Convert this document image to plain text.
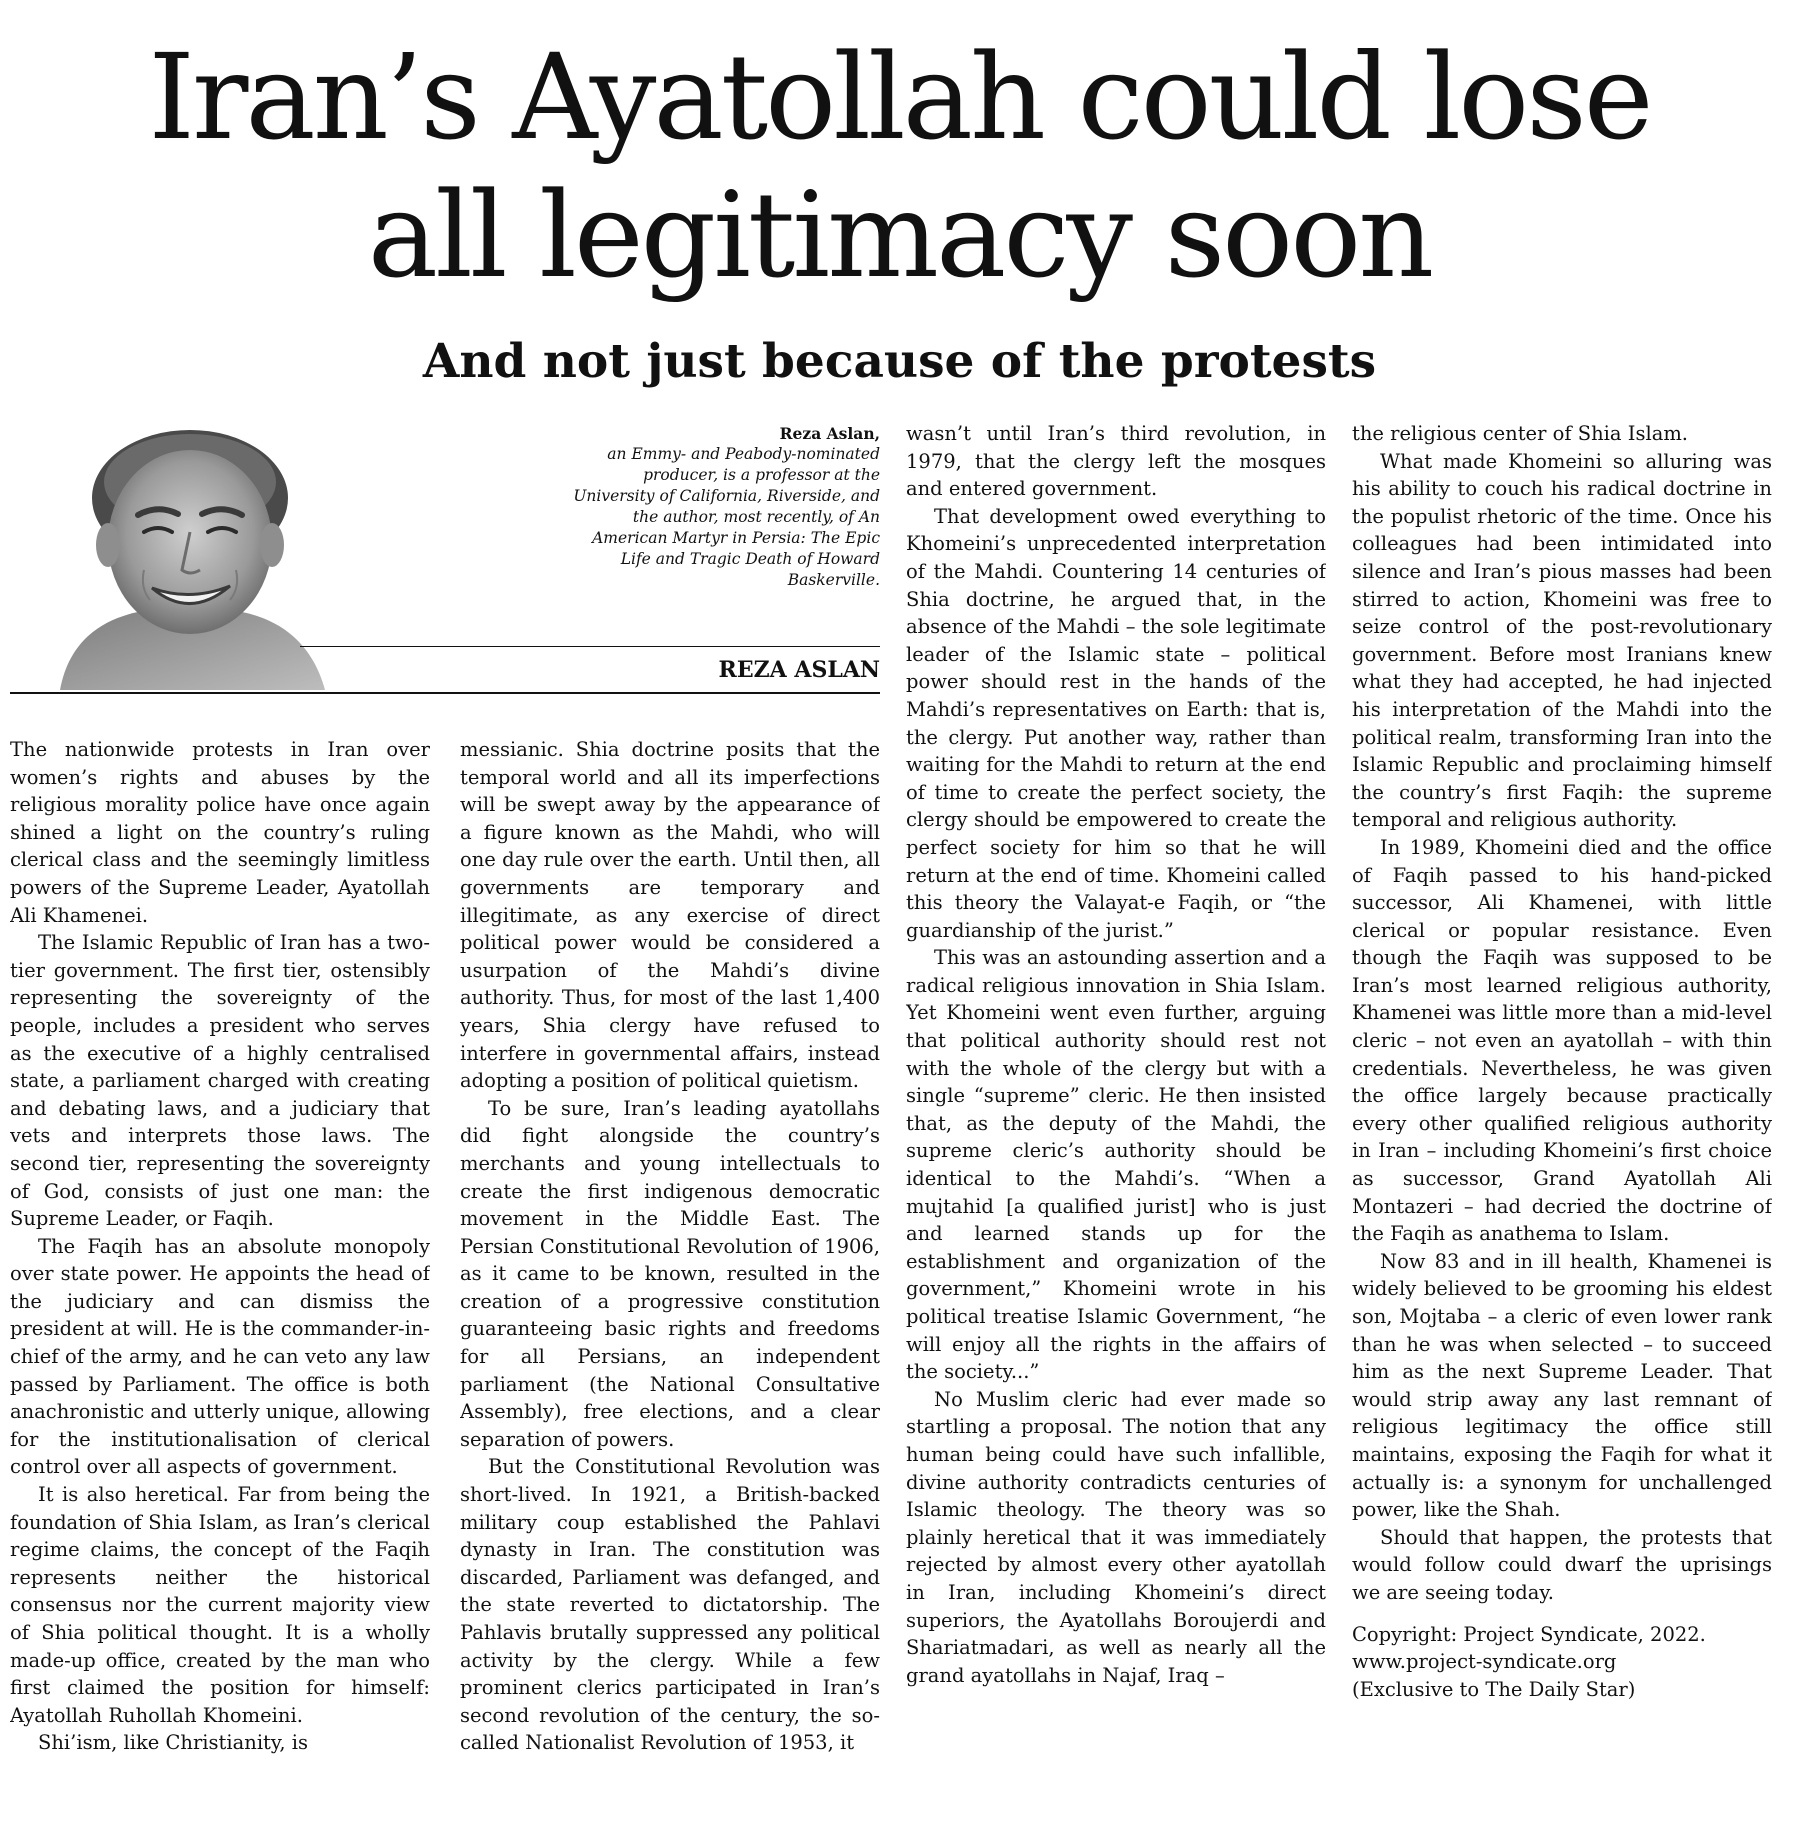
Iran’s Ayatollah could lose
all legitimacy soon
And not just because of the protests
Reza Aslan,
an Emmy- and Peabody-nominated producer, is a professor at the University of California, Riverside, and the author, most recently, of An American Martyr in Persia: The Epic Life and Tragic Death of Howard Baskerville.
REZA ASLAN

The nationwide protests in Iran over women’s rights and abuses by the religious morality police have once again shined a light on the country’s ruling clerical class and the seemingly limitless powers of the Supreme Leader, Ayatollah Ali Khamenei.

The Islamic Republic of Iran has a two-tier government. The first tier, ostensibly representing the sovereignty of the people, includes a president who serves as the executive of a highly centralised state, a parliament charged with creating and debating laws, and a judiciary that vets and interprets those laws. The second tier, representing the sovereignty of God, consists of just one man: the Supreme Leader, or Faqih.

The Faqih has an absolute monopoly over state power. He appoints the head of the judiciary and can dismiss the president at will. He is the commander-in-chief of the army, and he can veto any law passed by Parliament. The office is both anachronistic and utterly unique, allowing for the institutionalisation of clerical control over all aspects of government.

It is also heretical. Far from being the foundation of Shia Islam, as Iran’s clerical regime claims, the concept of the Faqih represents neither the historical consensus nor the current majority view of Shia political thought. It is a wholly made-up office, created by the man who first claimed the position for himself: Ayatollah Ruhollah Khomeini.

Shi’ism, like Christianity, is

messianic. Shia doctrine posits that the temporal world and all its imperfections will be swept away by the appearance of a figure known as the Mahdi, who will one day rule over the earth. Until then, all governments are temporary and illegitimate, as any exercise of direct political power would be considered a usurpation of the Mahdi’s divine authority. Thus, for most of the last 1,400 years, Shia clergy have refused to interfere in governmental affairs, instead adopting a position of political quietism.

To be sure, Iran’s leading ayatollahs did fight alongside the country’s merchants and young intellectuals to create the first indigenous democratic movement in the Middle East. The Persian Constitutional Revolution of 1906, as it came to be known, resulted in the creation of a progressive constitution guaranteeing basic rights and freedoms for all Persians, an independent parliament (the National Consultative Assembly), free elections, and a clear separation of powers.

But the Constitutional Revolution was short-lived. In 1921, a British-backed military coup established the Pahlavi dynasty in Iran. The constitution was discarded, Parliament was defanged, and the state reverted to dictatorship. The Pahlavis brutally suppressed any political activity by the clergy. While a few prominent clerics participated in Iran’s second revolution of the century, the so-called Nationalist Revolution of 1953, it

wasn’t until Iran’s third revolution, in 1979, that the clergy left the mosques and entered government.

That development owed everything to Khomeini’s unprecedented interpretation of the Mahdi. Countering 14 centuries of Shia doctrine, he argued that, in the absence of the Mahdi – the sole legitimate leader of the Islamic state – political power should rest in the hands of the Mahdi’s representatives on Earth: that is, the clergy. Put another way, rather than waiting for the Mahdi to return at the end of time to create the perfect society, the clergy should be empowered to create the perfect society for him so that he will return at the end of time. Khomeini called this theory the Valayat-e Faqih, or “the guardianship of the jurist.”

This was an astounding assertion and a radical religious innovation in Shia Islam. Yet Khomeini went even further, arguing that political authority should rest not with the whole of the clergy but with a single “supreme” cleric. He then insisted that, as the deputy of the Mahdi, the supreme cleric’s authority should be identical to the Mahdi’s. “When a mujtahid [a qualified jurist] who is just and learned stands up for the establishment and organization of the government,” Khomeini wrote in his political treatise Islamic Government, “he will enjoy all the rights in the affairs of the society...”

No Muslim cleric had ever made so startling a proposal. The notion that any human being could have such infallible, divine authority contradicts centuries of Islamic theology. The theory was so plainly heretical that it was immediately rejected by almost every other ayatollah in Iran, including Khomeini’s direct superiors, the Ayatollahs Boroujerdi and Shariatmadari, as well as nearly all the grand ayatollahs in Najaf, Iraq –

the religious center of Shia Islam.

What made Khomeini so alluring was his ability to couch his radical doctrine in the populist rhetoric of the time. Once his colleagues had been intimidated into silence and Iran’s pious masses had been stirred to action, Khomeini was free to seize control of the post-revolutionary government. Before most Iranians knew what they had accepted, he had injected his interpretation of the Mahdi into the political realm, transforming Iran into the Islamic Republic and proclaiming himself the country’s first Faqih: the supreme temporal and religious authority.

In 1989, Khomeini died and the office of Faqih passed to his hand-picked successor, Ali Khamenei, with little clerical or popular resistance. Even though the Faqih was supposed to be Iran’s most learned religious authority, Khamenei was little more than a mid-level cleric – not even an ayatollah – with thin credentials. Nevertheless, he was given the office largely because practically every other qualified religious authority in Iran – including Khomeini’s first choice as successor, Grand Ayatollah Ali Montazeri – had decried the doctrine of the Faqih as anathema to Islam.

Now 83 and in ill health, Khamenei is widely believed to be grooming his eldest son, Mojtaba – a cleric of even lower rank than he was when selected – to succeed him as the next Supreme Leader. That would strip away any last remnant of religious legitimacy the office still maintains, exposing the Faqih for what it actually is: a synonym for unchallenged power, like the Shah.

Should that happen, the protests that would follow could dwarf the uprisings we are seeing today.

Copyright: Project Syndicate, 2022.
www.project-syndicate.org
(Exclusive to The Daily Star)
